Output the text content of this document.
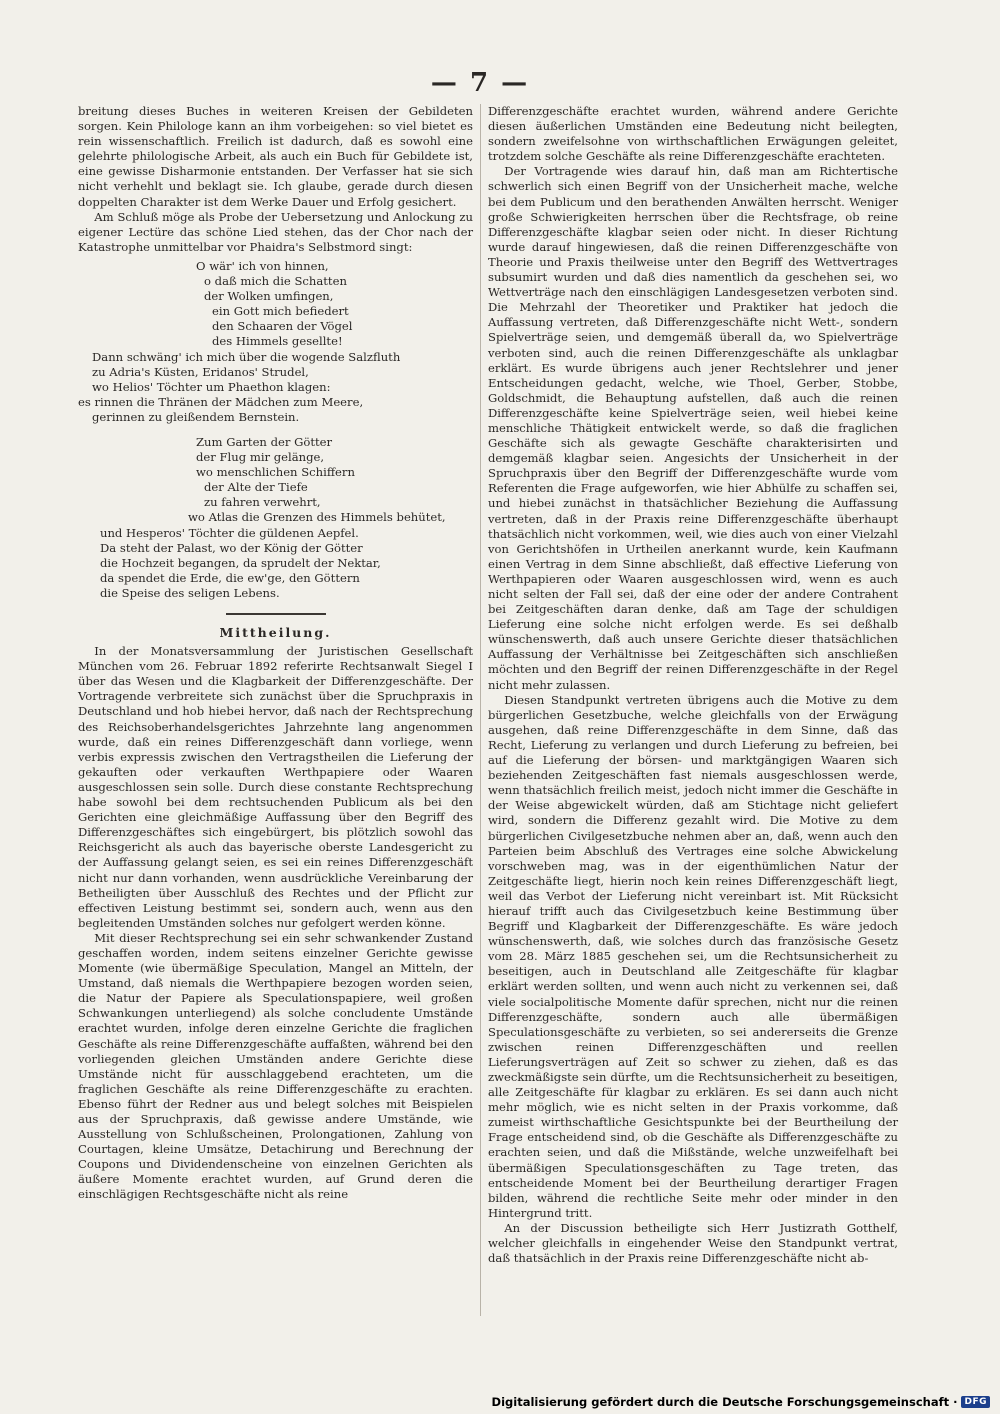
— 7 —

breitung dieses Buches in weiteren Kreisen der Gebildeten sorgen. Kein Philologe kann an ihm vorbeigehen: so viel bietet es rein wissenschaftlich. Freilich ist dadurch, daß es sowohl eine gelehrte philologische Arbeit, als auch ein Buch für Gebildete ist, eine gewisse Disharmonie entstanden. Der Verfasser hat sie sich nicht verhehlt und beklagt sie. Ich glaube, gerade durch diesen doppelten Charakter ist dem Werke Dauer und Erfolg gesichert.

Am Schluß möge als Probe der Uebersetzung und Anlockung zu eigener Lectüre das schöne Lied stehen, das der Chor nach der Katastrophe unmittelbar vor Phaidra's Selbstmord singt:

O wär' ich von hinnen,
o daß mich die Schatten
der Wolken umfingen,
ein Gott mich befiedert
den Schaaren der Vögel
des Himmels gesellte!
Dann schwäng' ich mich über die wogende Salzfluth
zu Adria's Küsten, Eridanos' Strudel,
wo Helios' Töchter um Phaethon klagen:
es rinnen die Thränen der Mädchen zum Meere,
gerinnen zu gleißendem Bernstein.
Zum Garten der Götter
der Flug mir gelänge,
wo menschlichen Schiffern
der Alte der Tiefe
zu fahren verwehrt,
wo Atlas die Grenzen des Himmels behütet,
und Hesperos' Töchter die güldenen Aepfel.
Da steht der Palast, wo der König der Götter
die Hochzeit begangen, da sprudelt der Nektar,
da spendet die Erde, die ew'ge, den Göttern
die Speise des seligen Lebens.
Mittheilung.

In der Monatsversammlung der Juristischen Gesellschaft München vom 26. Februar 1892 referirte Rechtsanwalt Siegel I über das Wesen und die Klagbarkeit der Differenzgeschäfte. Der Vortragende verbreitete sich zunächst über die Spruchpraxis in Deutschland und hob hiebei hervor, daß nach der Rechtsprechung des Reichsoberhandelsgerichtes Jahrzehnte lang angenommen wurde, daß ein reines Differenzgeschäft dann vorliege, wenn verbis expressis zwischen den Vertragstheilen die Lieferung der gekauften oder verkauften Werthpapiere oder Waaren ausgeschlossen sein solle. Durch diese constante Rechtsprechung habe sowohl bei dem rechtsuchenden Publicum als bei den Gerichten eine gleichmäßige Auffassung über den Begriff des Differenzgeschäftes sich eingebürgert, bis plötzlich sowohl das Reichsgericht als auch das bayerische oberste Landesgericht zu der Auffassung gelangt seien, es sei ein reines Differenzgeschäft nicht nur dann vorhanden, wenn ausdrückliche Vereinbarung der Betheiligten über Ausschluß des Rechtes und der Pflicht zur effectiven Leistung bestimmt sei, sondern auch, wenn aus den begleitenden Umständen solches nur gefolgert werden könne.

Mit dieser Rechtsprechung sei ein sehr schwankender Zustand geschaffen worden, indem seitens einzelner Gerichte gewisse Momente (wie übermäßige Speculation, Mangel an Mitteln, der Umstand, daß niemals die Werthpapiere bezogen worden seien, die Natur der Papiere als Speculationspapiere, weil großen Schwankungen unterliegend) als solche concludente Umstände erachtet wurden, infolge deren einzelne Gerichte die fraglichen Geschäfte als reine Differenzgeschäfte auffaßten, während bei den vorliegenden gleichen Umständen andere Gerichte diese Umstände nicht für ausschlaggebend erachteten, um die fraglichen Geschäfte als reine Differenzgeschäfte zu erachten. Ebenso führt der Redner aus und belegt solches mit Beispielen aus der Spruchpraxis, daß gewisse andere Umstände, wie Ausstellung von Schlußscheinen, Prolongationen, Zahlung von Courtagen, kleine Umsätze, Detachirung und Berechnung der Coupons und Dividendenscheine von einzelnen Gerichten als äußere Momente erachtet wurden, auf Grund deren die einschlägigen Rechtsgeschäfte nicht als reine

Differenzgeschäfte erachtet wurden, während andere Gerichte diesen äußerlichen Umständen eine Bedeutung nicht beilegten, sondern zweifelsohne von wirthschaftlichen Erwägungen geleitet, trotzdem solche Geschäfte als reine Differenzgeschäfte erachteten.

Der Vortragende wies darauf hin, daß man am Richtertische schwerlich sich einen Begriff von der Unsicherheit mache, welche bei dem Publicum und den berathenden Anwälten herrscht. Weniger große Schwierigkeiten herrschen über die Rechtsfrage, ob reine Differenzgeschäfte klagbar seien oder nicht. In dieser Richtung wurde darauf hingewiesen, daß die reinen Differenzgeschäfte von Theorie und Praxis theilweise unter den Begriff des Wettvertrages subsumirt wurden und daß dies namentlich da geschehen sei, wo Wettverträge nach den einschlägigen Landesgesetzen verboten sind. Die Mehrzahl der Theoretiker und Praktiker hat jedoch die Auffassung vertreten, daß Differenzgeschäfte nicht Wett-, sondern Spielverträge seien, und demgemäß überall da, wo Spielverträge verboten sind, auch die reinen Differenzgeschäfte als unklagbar erklärt. Es wurde übrigens auch jener Rechtslehrer und jener Entscheidungen gedacht, welche, wie Thoel, Gerber, Stobbe, Goldschmidt, die Behauptung aufstellen, daß auch die reinen Differenzgeschäfte keine Spielverträge seien, weil hiebei keine menschliche Thätigkeit entwickelt werde, so daß die fraglichen Geschäfte sich als gewagte Geschäfte charakterisirten und demgemäß klagbar seien. Angesichts der Unsicherheit in der Spruchpraxis über den Begriff der Differenzgeschäfte wurde vom Referenten die Frage aufgeworfen, wie hier Abhülfe zu schaffen sei, und hiebei zunächst in thatsächlicher Beziehung die Auffassung vertreten, daß in der Praxis reine Differenzgeschäfte überhaupt thatsächlich nicht vorkommen, weil, wie dies auch von einer Vielzahl von Gerichtshöfen in Urtheilen anerkannt wurde, kein Kaufmann einen Vertrag in dem Sinne abschließt, daß effective Lieferung von Werthpapieren oder Waaren ausgeschlossen wird, wenn es auch nicht selten der Fall sei, daß der eine oder der andere Contrahent bei Zeitgeschäften daran denke, daß am Tage der schuldigen Lieferung eine solche nicht erfolgen werde. Es sei deßhalb wünschenswerth, daß auch unsere Gerichte dieser thatsächlichen Auffassung der Verhältnisse bei Zeitgeschäften sich anschließen möchten und den Begriff der reinen Differenzgeschäfte in der Regel nicht mehr zulassen.

Diesen Standpunkt vertreten übrigens auch die Motive zu dem bürgerlichen Gesetzbuche, welche gleichfalls von der Erwägung ausgehen, daß reine Differenzgeschäfte in dem Sinne, daß das Recht, Lieferung zu verlangen und durch Lieferung zu befreien, bei auf die Lieferung der börsen- und marktgängigen Waaren sich beziehenden Zeitgeschäften fast niemals ausgeschlossen werde, wenn thatsächlich freilich meist, jedoch nicht immer die Geschäfte in der Weise abgewickelt würden, daß am Stichtage nicht geliefert wird, sondern die Differenz gezahlt wird. Die Motive zu dem bürgerlichen Civilgesetzbuche nehmen aber an, daß, wenn auch den Parteien beim Abschluß des Vertrages eine solche Abwickelung vorschweben mag, was in der eigenthümlichen Natur der Zeitgeschäfte liegt, hierin noch kein reines Differenzgeschäft liegt, weil das Verbot der Lieferung nicht vereinbart ist. Mit Rücksicht hierauf trifft auch das Civilgesetzbuch keine Bestimmung über Begriff und Klagbarkeit der Differenzgeschäfte. Es wäre jedoch wünschenswerth, daß, wie solches durch das französische Gesetz vom 28. März 1885 geschehen sei, um die Rechtsunsicherheit zu beseitigen, auch in Deutschland alle Zeitgeschäfte für klagbar erklärt werden sollten, und wenn auch nicht zu verkennen sei, daß viele socialpolitische Momente dafür sprechen, nicht nur die reinen Differenzgeschäfte, sondern auch alle übermäßigen Speculationsgeschäfte zu verbieten, so sei andererseits die Grenze zwischen reinen Differenzgeschäften und reellen Lieferungsverträgen auf Zeit so schwer zu ziehen, daß es das zweckmäßigste sein dürfte, um die Rechtsunsicherheit zu beseitigen, alle Zeitgeschäfte für klagbar zu erklären. Es sei dann auch nicht mehr möglich, wie es nicht selten in der Praxis vorkomme, daß zumeist wirthschaftliche Gesichtspunkte bei der Beurtheilung der Frage entscheidend sind, ob die Geschäfte als Differenzgeschäfte zu erachten seien, und daß die Mißstände, welche unzweifelhaft bei übermäßigen Speculationsgeschäften zu Tage treten, das entscheidende Moment bei der Beurtheilung derartiger Fragen bilden, während die rechtliche Seite mehr oder minder in den Hintergrund tritt.

An der Discussion betheiligte sich Herr Justizrath Gotthelf, welcher gleichfalls in eingehender Weise den Standpunkt vertrat, daß thatsächlich in der Praxis reine Differenzgeschäfte nicht ab-

Digitalisierung gefördert durch die Deutsche Forschungsgemeinschaft · DFG
